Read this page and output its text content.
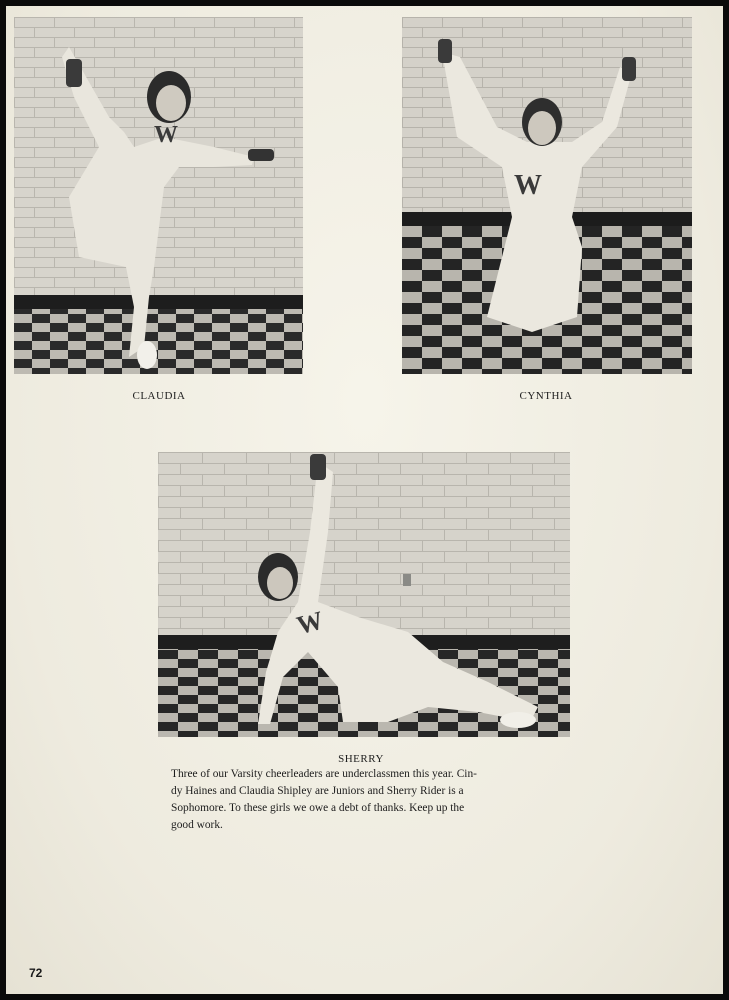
W
CLAUDIA
W
CYNTHIA
W
SHERRY

Three of our Varsity cheerleaders are underclassmen this year. Cin-

dy Haines and Claudia Shipley are Juniors and Sherry Rider is a

Sophomore. To these girls we owe a debt of thanks. Keep up the

good work.

72
